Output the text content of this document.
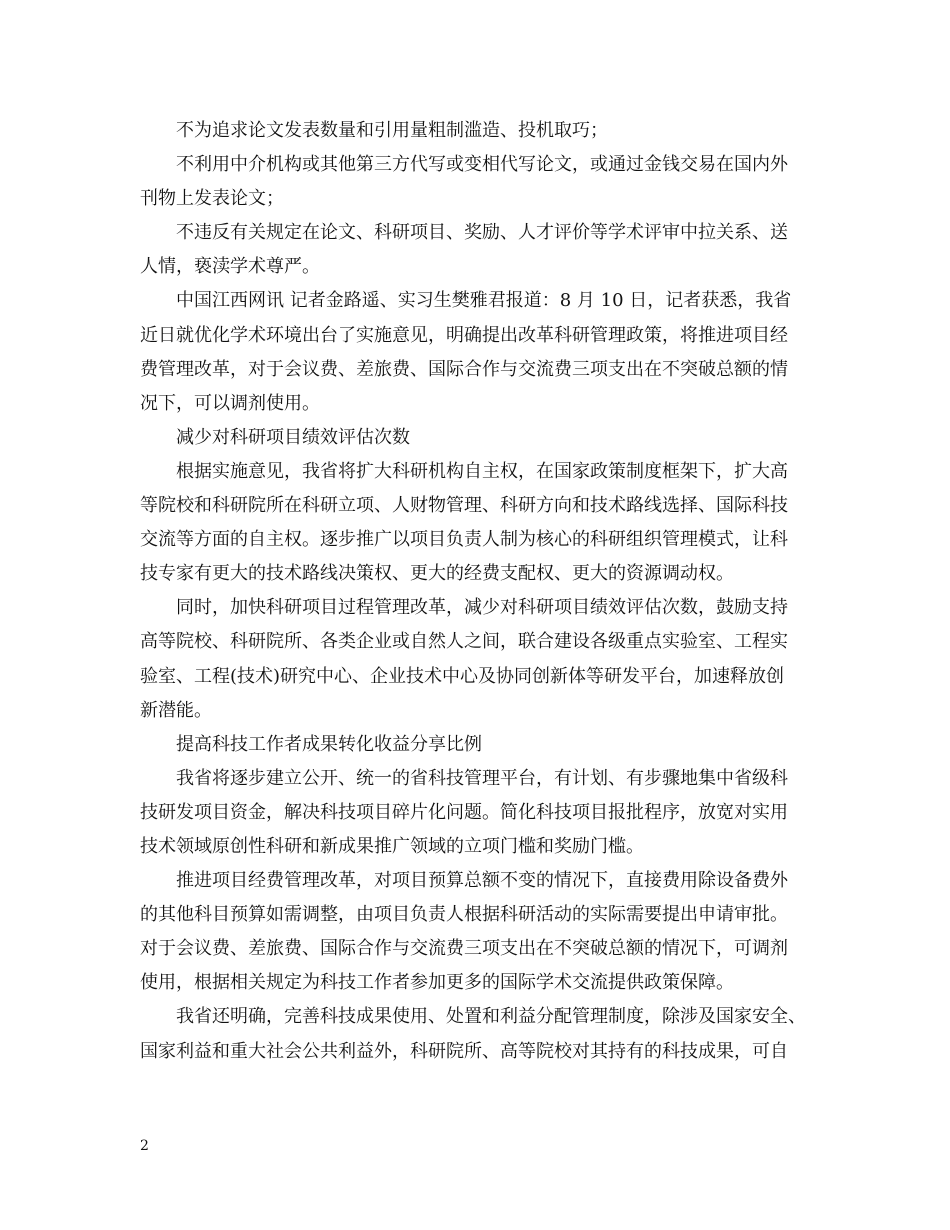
不为追求论文发表数量和引用量粗制滥造、投机取巧；
不利用中介机构或其他第三方代写或变相代写论文，或通过金钱交易在国内外
刊物上发表论文；
不违反有关规定在论文、科研项目、奖励、人才评价等学术评审中拉关系、送
人情，亵渎学术尊严。
中国江西网讯 记者金路遥、实习生樊雅君报道：8 月 10 日，记者获悉，我省
近日就优化学术环境出台了实施意见，明确提出改革科研管理政策，将推进项目经
费管理改革，对于会议费、差旅费、国际合作与交流费三项支出在不突破总额的情
况下，可以调剂使用。
减少对科研项目绩效评估次数
根据实施意见，我省将扩大科研机构自主权，在国家政策制度框架下，扩大高
等院校和科研院所在科研立项、人财物管理、科研方向和技术路线选择、国际科技
交流等方面的自主权。逐步推广以项目负责人制为核心的科研组织管理模式，让科
技专家有更大的技术路线决策权、更大的经费支配权、更大的资源调动权。
同时，加快科研项目过程管理改革，减少对科研项目绩效评估次数，鼓励支持
高等院校、科研院所、各类企业或自然人之间，联合建设各级重点实验室、工程实
验室、工程(技术)研究中心、企业技术中心及协同创新体等研发平台，加速释放创
新潜能。
提高科技工作者成果转化收益分享比例
我省将逐步建立公开、统一的省科技管理平台，有计划、有步骤地集中省级科
技研发项目资金，解决科技项目碎片化问题。简化科技项目报批程序，放宽对实用
技术领域原创性科研和新成果推广领域的立项门槛和奖励门槛。
推进项目经费管理改革，对项目预算总额不变的情况下，直接费用除设备费外
的其他科目预算如需调整，由项目负责人根据科研活动的实际需要提出申请审批。
对于会议费、差旅费、国际合作与交流费三项支出在不突破总额的情况下，可调剂
使用，根据相关规定为科技工作者参加更多的国际学术交流提供政策保障。
我省还明确，完善科技成果使用、处置和利益分配管理制度，除涉及国家安全、
国家利益和重大社会公共利益外，科研院所、高等院校对其持有的科技成果，可自
2
